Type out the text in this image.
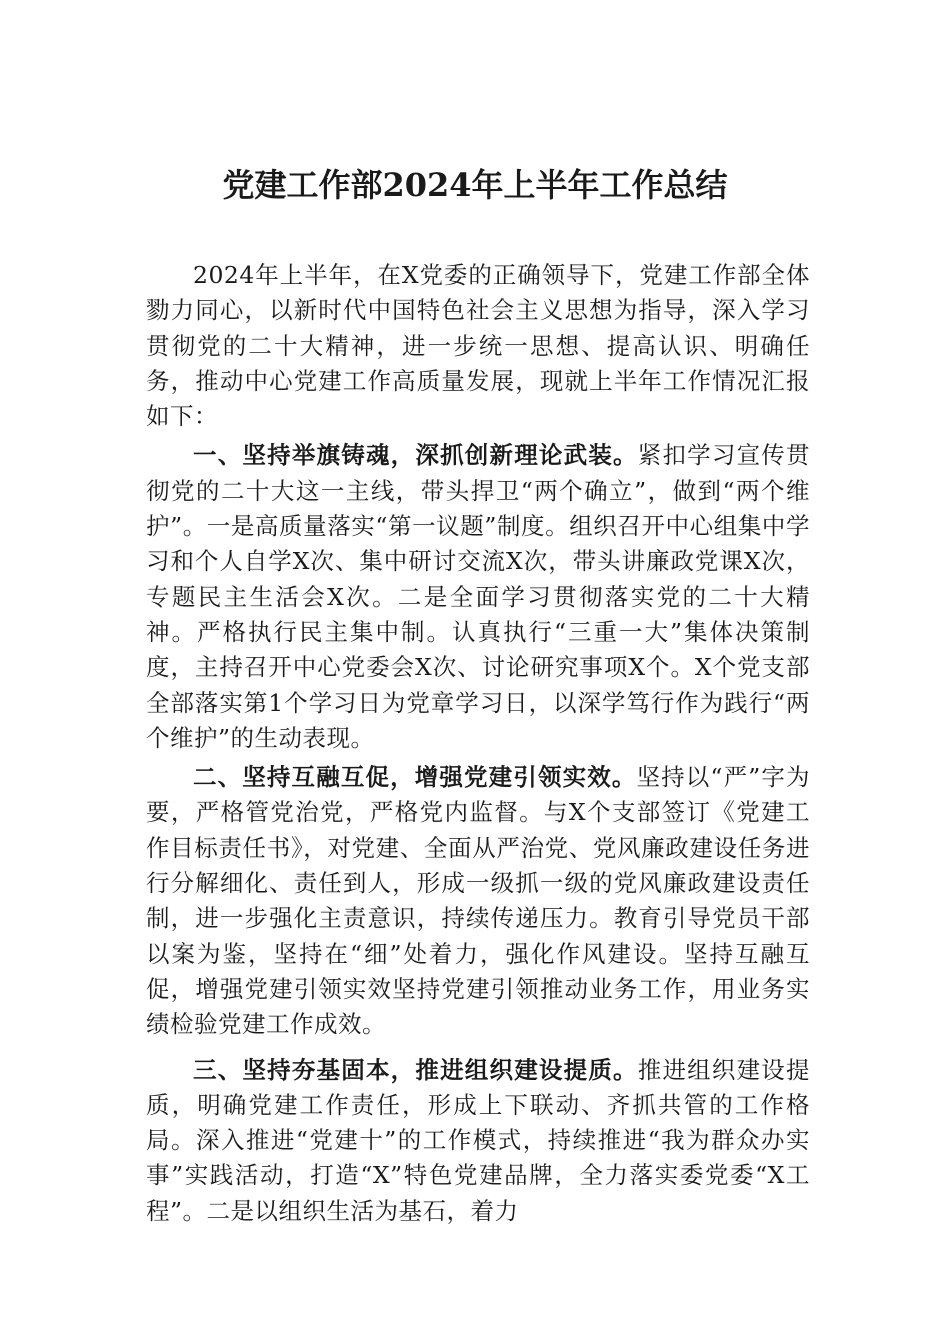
党建工作部2024年上半年工作总结

2024年上半年，在X党委的正确领导下，党建工作部全体勠力同心，以新时代中国特色社会主义思想为指导，深入学习贯彻党的二十大精神，进一步统一思想、提高认识、明确任务，推动中心党建工作高质量发展，现就上半年工作情况汇报如下：

一、坚持举旗铸魂，深抓创新理论武装。紧扣学习宣传贯彻党的二十大这一主线，带头捍卫“两个确立”，做到“两个维护”。一是高质量落实“第一议题”制度。组织召开中心组集中学习和个人自学X次、集中研讨交流X次，带头讲廉政党课X次，专题民主生活会X次。二是全面学习贯彻落实党的二十大精神。严格执行民主集中制。认真执行“三重一大”集体决策制度，主持召开中心党委会X次、讨论研究事项X个。X个党支部全部落实第1个学习日为党章学习日，以深学笃行作为践行“两个维护”的生动表现。

二、坚持互融互促，增强党建引领实效。坚持以“严”字为要，严格管党治党，严格党内监督。与X个支部签订《党建工作目标责任书》，对党建、全面从严治党、党风廉政建设任务进行分解细化、责任到人，形成一级抓一级的党风廉政建设责任制，进一步强化主责意识，持续传递压力。教育引导党员干部以案为鉴，坚持在“细”处着力，强化作风建设。坚持互融互促，增强党建引领实效坚持党建引领推动业务工作，用业务实绩检验党建工作成效。

三、坚持夯基固本，推进组织建设提质。推进组织建设提质，明确党建工作责任，形成上下联动、齐抓共管的工作格局。深入推进“党建十”的工作模式，持续推进“我为群众办实事”实践活动，打造“X”特色党建品牌，全力落实委党委“X工程”。二是以组织生活为基石，着力
